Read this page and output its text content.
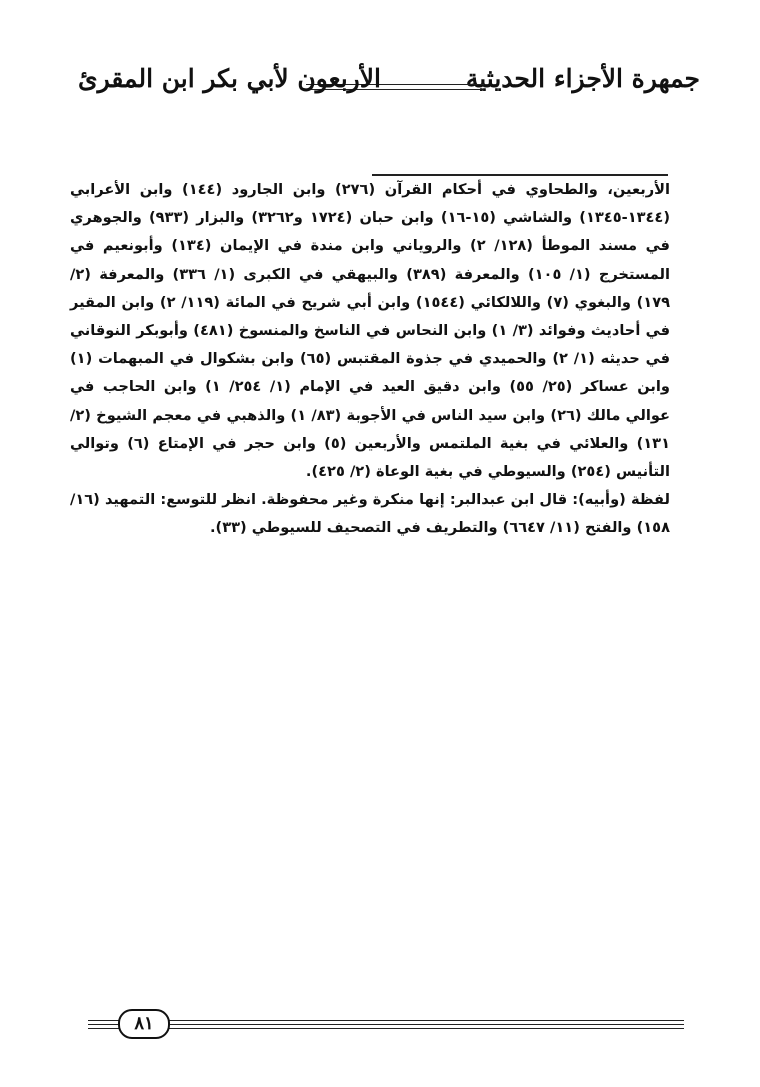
جمهرة الأجزاء الحديثية
الأربعون لأبي بكر ابن المقرئ

الأربعين، والطحاوي في أحكام القرآن (٢٧٦) وابن الجارود (١٤٤) وابن الأعرابي (١٣٤٤-١٣٤٥) والشاشي (١٥-١٦) وابن حبان (١٧٢٤ و٣٢٦٢) والبزار (٩٣٣) والجوهري في مسند الموطأ (١٢٨/ ٢) والروياني وابن مندة في الإيمان (١٣٤) وأبونعيم في المستخرج (١/ ١٠٥) والمعرفة (٣٨٩) والبيهقي في الكبرى (١/ ٣٣٦) والمعرفة (٢/ ١٧٩) والبغوي (٧) واللالكائي (١٥٤٤) وابن أبي شريح في المائة (١١٩/ ٢) وابن المقير في أحاديث وفوائد (٣/ ١) وابن النحاس في الناسخ والمنسوخ (٤٨١) وأبوبكر النوقاني في حديثه (١/ ٢) والحميدي في جذوة المقتبس (٦٥) وابن بشكوال في المبهمات (١) وابن عساكر (٢٥/ ٥٥) وابن دقيق العيد في الإمام (١/ ٢٥٤/ ١) وابن الحاجب في عوالي مالك (٢٦) وابن سيد الناس في الأجوبة (٨٣/ ١) والذهبي في معجم الشيوخ (٢/ ١٣١) والعلائي في بغية الملتمس والأربعين (٥) وابن حجر في الإمتاع (٦) وتوالي التأنيس (٢٥٤) والسيوطي في بغية الوعاة (٢/ ٤٢٥).

لفظة (وأبيه): قال ابن عبدالبر: إنها منكرة وغير محفوظة. انظر للتوسع: التمهيد (١٦/ ١٥٨) والفتح (١١/ ٦٦٤٧) والتطريف في التصحيف للسيوطي (٣٣).

٨١
